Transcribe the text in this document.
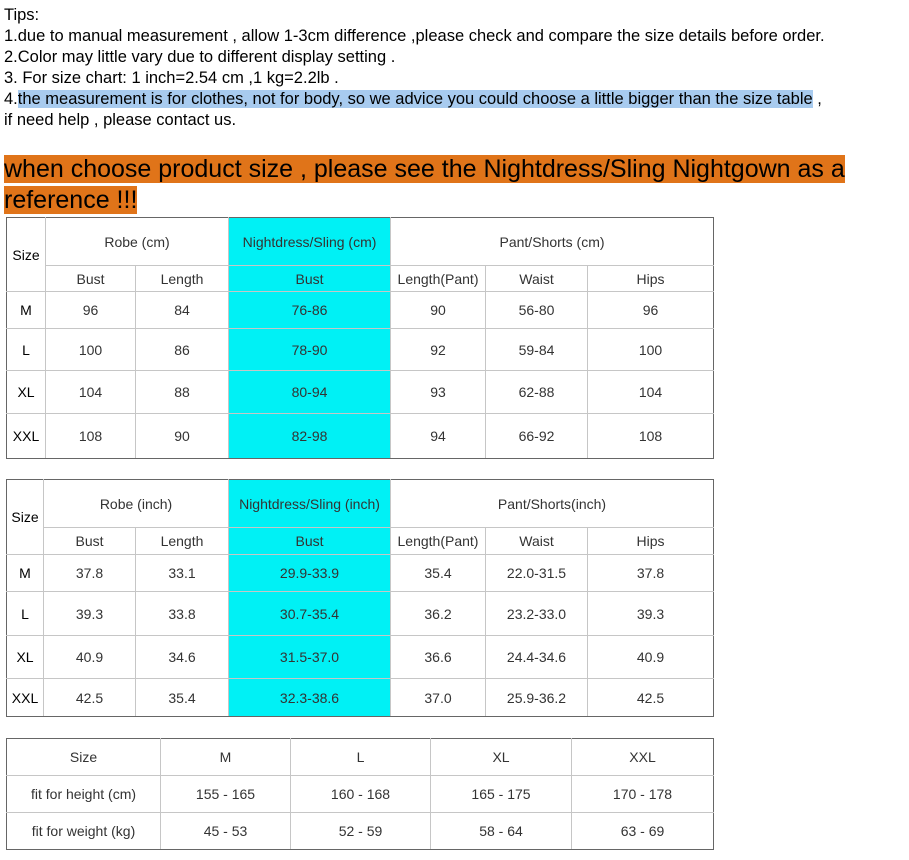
Tips:
1.due to manual measurement , allow 1-3cm difference ,please check and compare the size details before order.
2.Color may little vary due to different display setting .
3. For size chart: 1 inch=2.54 cm ,1 kg=2.2lb .
4.the measurement is for clothes, not for body, so we advice you could choose a little bigger than the size table ,
if need help , please contact us.
when choose product size , please see the Nightdress/Sling Nightgown as a reference !!!
Size	Robe (cm)		Nightdress/Sling (cm)	Pant/Shorts (cm)		
	Bust	Length	Bust	Length(Pant)	Waist	Hips
M	96	84	76-86	90	56-80	96
L	100	86	78-90	92	59-84	100
XL	104	88	80-94	93	62-88	104
XXL	108	90	82-98	94	66-92	108
Size	Robe (inch)		Nightdress/Sling (inch)	Pant/Shorts(inch)		
	Bust	Length	Bust	Length(Pant)	Waist	Hips
M	37.8	33.1	29.9-33.9	35.4	22.0-31.5	37.8
L	39.3	33.8	30.7-35.4	36.2	23.2-33.0	39.3
XL	40.9	34.6	31.5-37.0	36.6	24.4-34.6	40.9
XXL	42.5	35.4	32.3-38.6	37.0	25.9-36.2	42.5
Size	M	L	XL	XXL
fit for height (cm)	155 - 165	160 - 168	165 - 175	170 - 178
fit for weight (kg)	45 - 53	52 - 59	58 - 64	63 - 69
